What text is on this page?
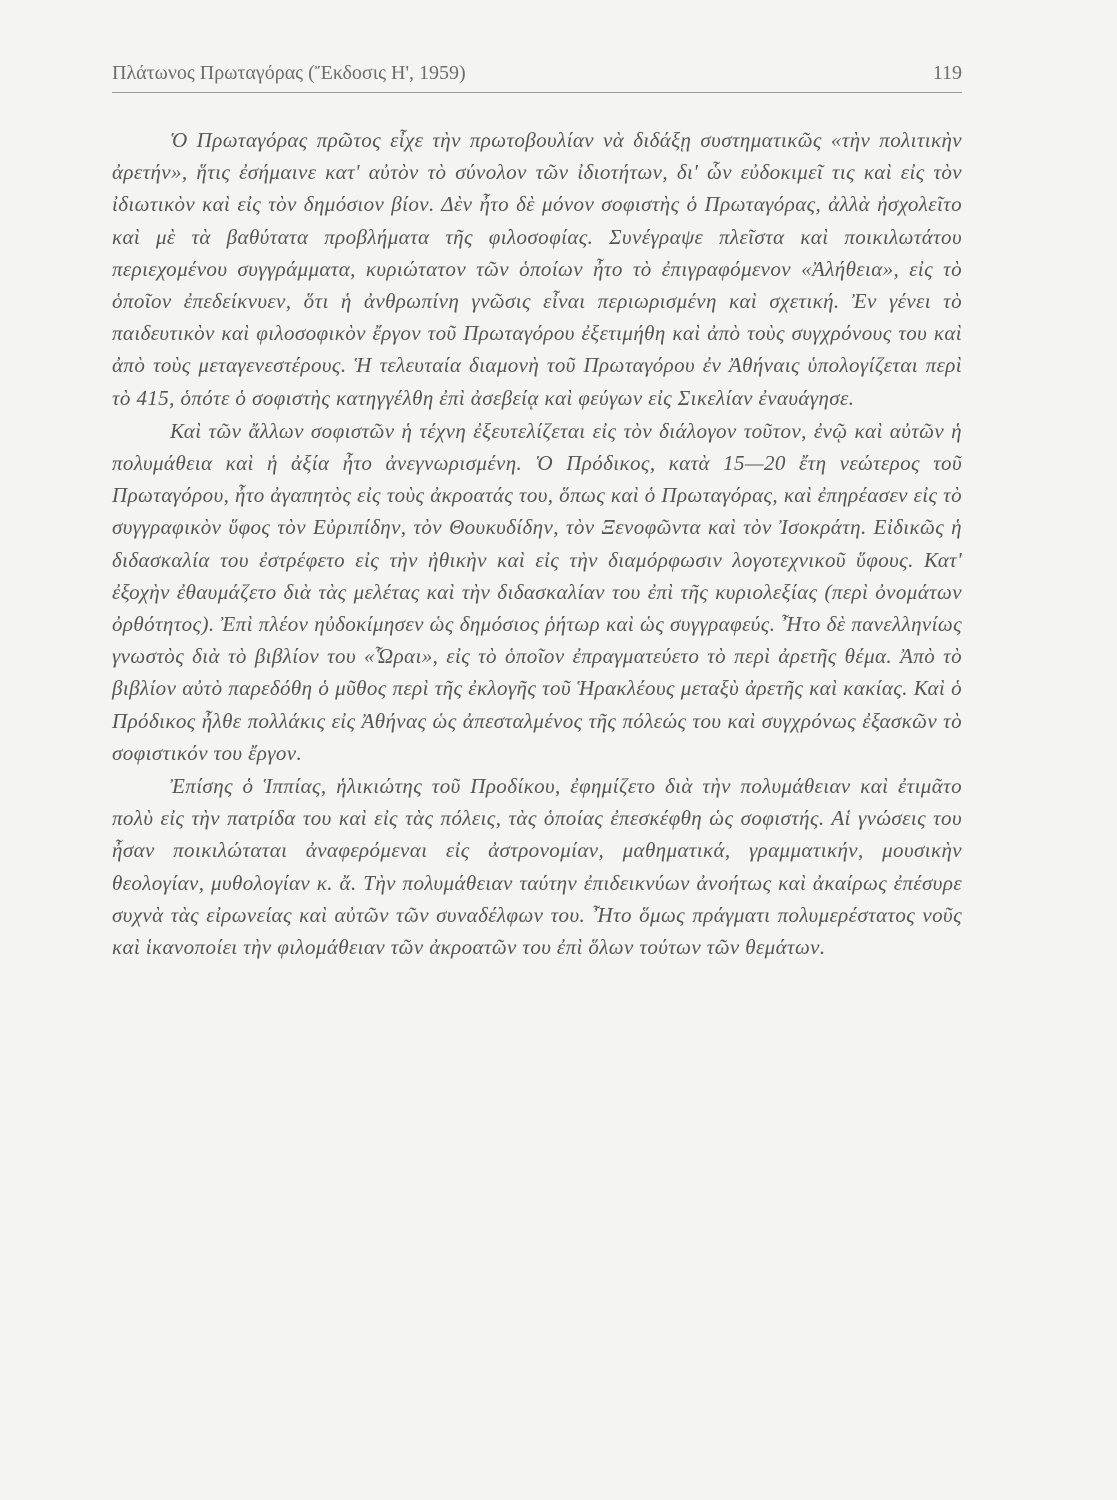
Πλάτωνος Πρωταγόρας (Ἔκδοσις Η', 1959)	119

Ὁ Πρωταγόρας πρῶτος εἶχε τὴν πρωτοβουλίαν νὰ διδάξῃ συστηματικῶς «τὴν πολιτικὴν ἀρετήν», ἥτις ἐσήμαινε κατ' αὐτὸν τὸ σύνολον τῶν ἰδιοτήτων, δι' ὧν εὐδοκιμεῖ τις καὶ εἰς τὸν ἰδιωτικὸν καὶ εἰς τὸν δημόσιον βίον. Δὲν ἦτο δὲ μόνον σοφιστὴς ὁ Πρωταγόρας, ἀλλὰ ἠσχολεῖτο καὶ μὲ τὰ βαθύτατα προβλήματα τῆς φιλοσοφίας. Συνέγραψε πλεῖστα καὶ ποικιλωτάτου περιεχομένου συγγράμματα, κυριώτατον τῶν ὁποίων ἦτο τὸ ἐπιγραφόμενον «Ἀλήθεια», εἰς τὸ ὁποῖον ἐπεδείκνυεν, ὅτι ἡ ἀνθρωπίνη γνῶσις εἶναι περιωρισμένη καὶ σχετική. Ἐν γένει τὸ παιδευτικὸν καὶ φιλοσοφικὸν ἔργον τοῦ Πρωταγόρου ἐξετιμήθη καὶ ἀπὸ τοὺς συγχρόνους του καὶ ἀπὸ τοὺς μεταγενεστέρους. Ἡ τελευταία διαμονὴ τοῦ Πρωταγόρου ἐν Ἀθήναις ὑπολογίζεται περὶ τὸ 415, ὁπότε ὁ σοφιστὴς κατηγγέλθη ἐπὶ ἀσεβείᾳ καὶ φεύγων εἰς Σικελίαν ἐναυάγησε.

Καὶ τῶν ἄλλων σοφιστῶν ἡ τέχνη ἐξευτελίζεται εἰς τὸν διάλογον τοῦτον, ἐνῷ καὶ αὐτῶν ἡ πολυμάθεια καὶ ἡ ἀξία ἦτο ἀνεγνωρισμένη. Ὁ Πρόδικος, κατὰ 15—20 ἔτη νεώτερος τοῦ Πρωταγόρου, ἦτο ἀγαπητὸς εἰς τοὺς ἀκροατάς του, ὅπως καὶ ὁ Πρωταγόρας, καὶ ἐπηρέασεν εἰς τὸ συγγραφικὸν ὕφος τὸν Εὐριπίδην, τὸν Θουκυδίδην, τὸν Ξενοφῶντα καὶ τὸν Ἰσοκράτη. Εἰδικῶς ἡ διδασκαλία του ἐστρέφετο εἰς τὴν ἠθικὴν καὶ εἰς τὴν διαμόρφωσιν λογοτεχνικοῦ ὕφους. Κατ' ἐξοχὴν ἐθαυμάζετο διὰ τὰς μελέτας καὶ τὴν διδασκαλίαν του ἐπὶ τῆς κυριολεξίας (περὶ ὀνομάτων ὀρθότητος). Ἐπὶ πλέον ηὐδοκίμησεν ὡς δημόσιος ῥήτωρ καὶ ὡς συγγραφεύς. Ἦτο δὲ πανελληνίως γνωστὸς διὰ τὸ βιβλίον του «Ὧραι», εἰς τὸ ὁποῖον ἐπραγματεύετο τὸ περὶ ἀρετῆς θέμα. Ἀπὸ τὸ βιβλίον αὐτὸ παρεδόθη ὁ μῦθος περὶ τῆς ἐκλογῆς τοῦ Ἡρακλέους μεταξὺ ἀρετῆς καὶ κακίας. Καὶ ὁ Πρόδικος ἦλθε πολλάκις εἰς Ἀθήνας ὡς ἀπεσταλμένος τῆς πόλεώς του καὶ συγχρόνως ἐξασκῶν τὸ σοφιστικόν του ἔργον.

Ἐπίσης ὁ Ἱππίας, ἡλικιώτης τοῦ Προδίκου, ἐφημίζετο διὰ τὴν πολυμάθειαν καὶ ἐτιμᾶτο πολὺ εἰς τὴν πατρίδα του καὶ εἰς τὰς πόλεις, τὰς ὁποίας ἐπεσκέφθη ὡς σοφιστής. Αἱ γνώσεις του ἦσαν ποικιλώταται ἀναφερόμεναι εἰς ἀστρονομίαν, μαθηματικά, γραμματικήν, μουσικὴν θεολογίαν, μυθολογίαν κ. ἄ. Τὴν πολυμάθειαν ταύτην ἐπιδεικνύων ἀνοήτως καὶ ἀκαίρως ἐπέσυρε συχνὰ τὰς εἰρωνείας καὶ αὐτῶν τῶν συναδέλφων του. Ἦτο ὅμως πράγματι πολυμερέστατος νοῦς καὶ ἱκανοποίει τὴν φιλομάθειαν τῶν ἀκροατῶν του ἐπὶ ὅλων τούτων τῶν θεμάτων.
